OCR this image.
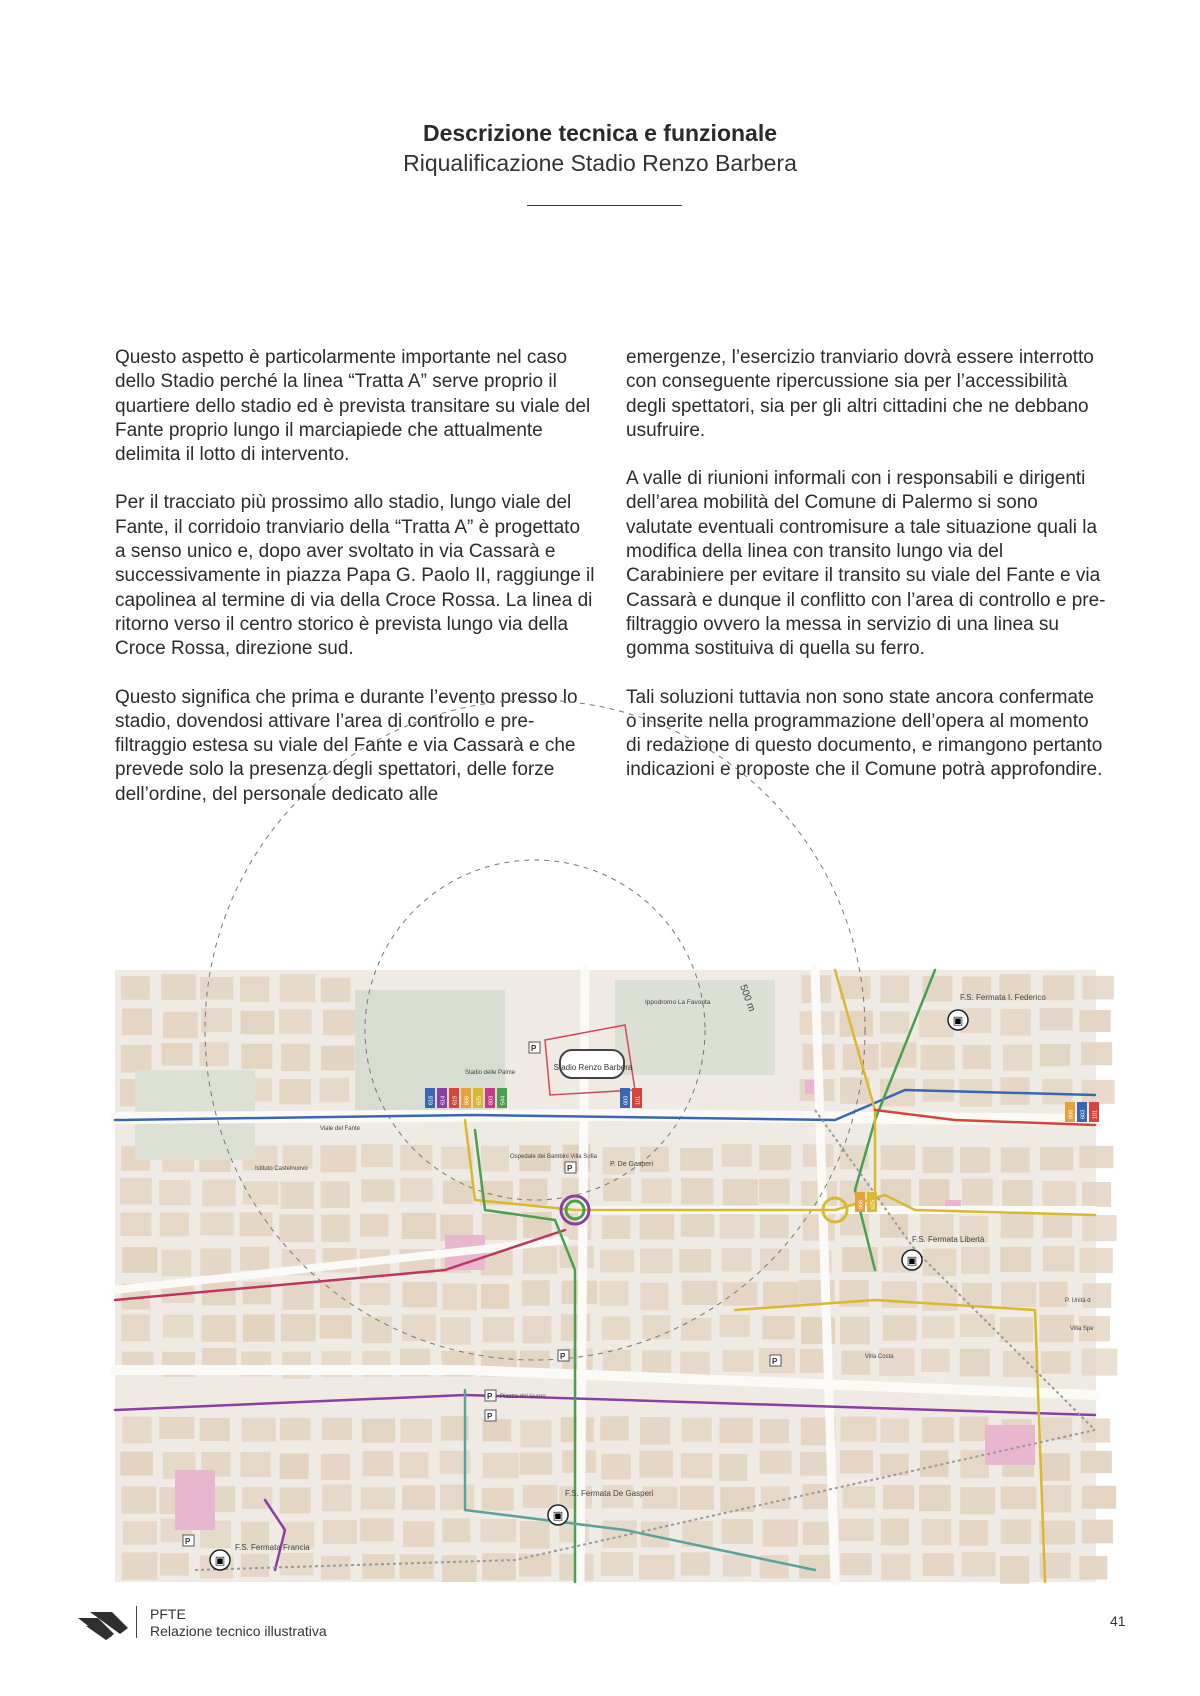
Descrizione tecnica e funzionale
Riqualificazione Stadio Renzo Barbera

Questo aspetto è particolarmente importante nel caso dello Stadio perché la linea “Tratta A” serve proprio il quartiere dello stadio ed è prevista transitare su viale del Fante proprio lungo il marciapiede che attualmente delimita il lotto di intervento.

Per il tracciato più prossimo allo stadio, lungo viale del Fante, il corridoio tranviario della “Tratta A” è progettato a senso unico e, dopo aver svoltato in via Cassarà e successivamente in piazza Papa G. Paolo II, raggiunge il capolinea al termine di via della Croce Rossa. La linea di ritorno verso il centro storico è prevista lungo via della Croce Rossa, direzione sud.

Questo significa che prima e durante l’evento presso lo stadio, dovendosi attivare l’area di controllo e pre-filtraggio estesa su viale del Fante e via Cassarà e che prevede solo la presenza degli spettatori, delle forze dell’ordine, del personale dedicato alle

emergenze, l’esercizio tranviario dovrà essere interrotto con conseguente ripercussione sia per l’accessibilità degli spettatori, sia per gli altri cittadini che ne debbano usufruire.

A valle di riunioni informali con i responsabili e dirigenti dell’area mobilità del Comune di Palermo si sono valutate eventuali contromisure a tale situazione quali la modifica della linea con transito lungo via del Carabiniere per evitare il transito su viale del Fante e via Cassarà e dunque il conflitto con l’area di controllo e pre-filtraggio ovvero la messa in servizio di una linea su gomma sostituiva di quella su ferro.

Tali soluzioni tuttavia non sono state ancora confermate o inserite nella programmazione dell’opera al momento di redazione di questo documento, e rimangono pertanto indicazioni e proposte che il Comune potrà approfondire.

Stadio Renzo Barbera
618 614 619 806 625 803 544	603 101
806 603 101
806 625
Ippodromo La Favorita
Stadio delle Palme
500 m
Istituto Castelnuovo
Ospedale dei Bambini Villa Sofia
P. De Gasperi
F.S. Fermata I. Federico
F.S. Fermata Libertà
F.S. Fermata De Gasperi
F.S. Fermata Francia
P. Unità d
Villa Costa
Villa Spe
Piazza del lavoro
Viale del Fante
▣
▣
▣
▣
P
P
P
P
P
P
P
PFTE
Relazione tecnico illustrativa
41
